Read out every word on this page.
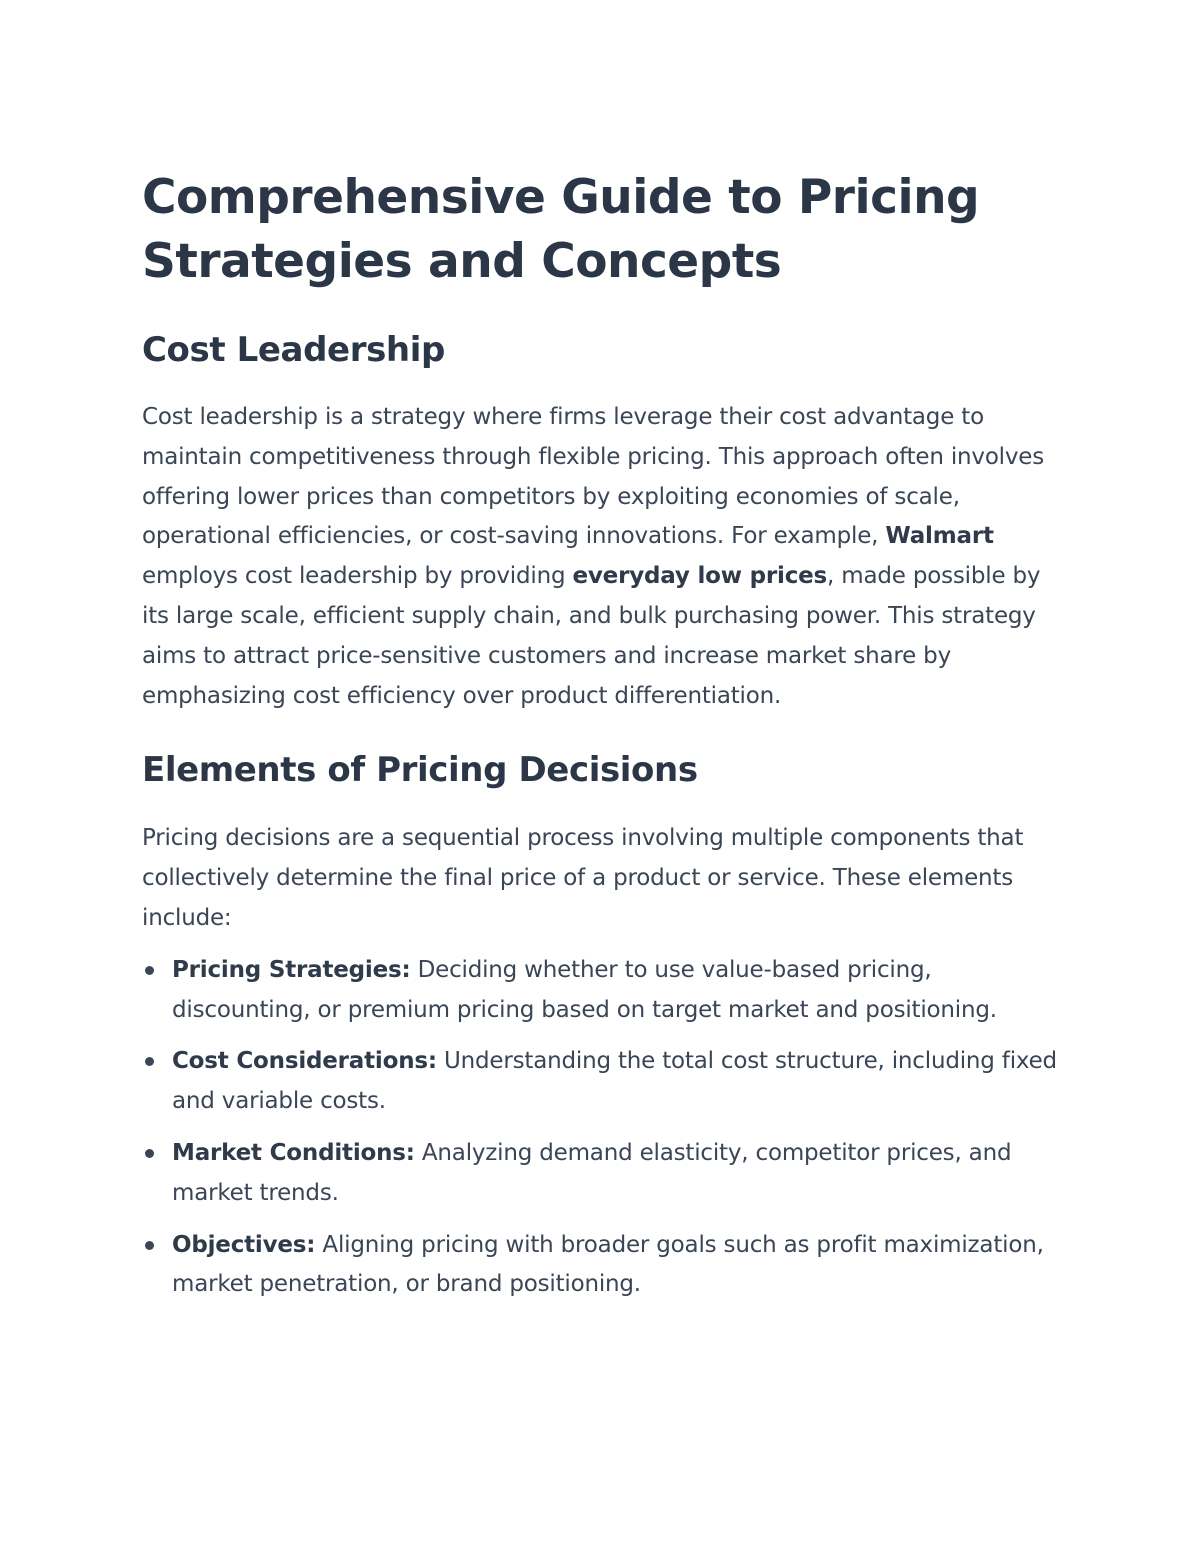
Comprehensive Guide to Pricing Strategies and Concepts
Cost Leadership

Cost leadership is a strategy where firms leverage their cost advantage to maintain competitiveness through flexible pricing. This approach often involves offering lower prices than competitors by exploiting economies of scale, operational efficiencies, or cost-saving innovations. For example, Walmart employs cost leadership by providing everyday low prices, made possible by its large scale, efficient supply chain, and bulk purchasing power. This strategy aims to attract price-sensitive customers and increase market share by emphasizing cost efficiency over product differentiation.

Elements of Pricing Decisions

Pricing decisions are a sequential process involving multiple components that collectively determine the final price of a product or service. These elements include:

Pricing Strategies: Deciding whether to use value-based pricing, discounting, or premium pricing based on target market and positioning.
Cost Considerations: Understanding the total cost structure, including fixed and variable costs.
Market Conditions: Analyzing demand elasticity, competitor prices, and market trends.
Objectives: Aligning pricing with broader goals such as profit maximization, market penetration, or brand positioning.
